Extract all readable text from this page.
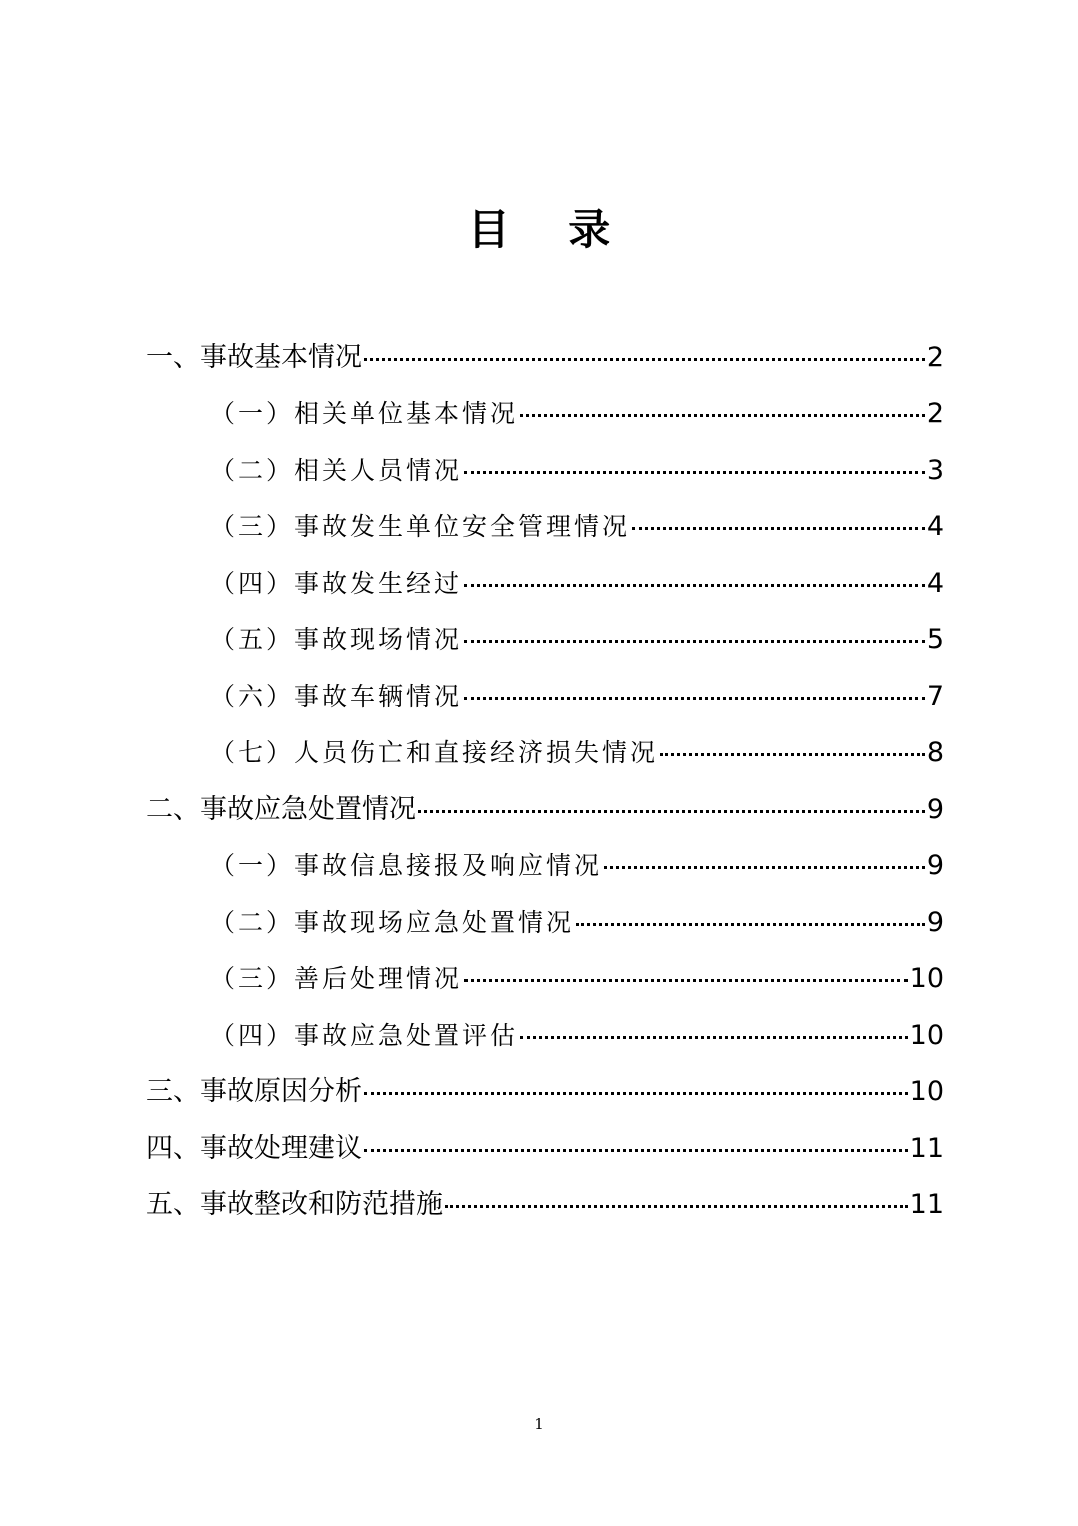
目    录
一、事故基本情况	2
（一）相关单位基本情况	2
（二）相关人员情况	3
（三）事故发生单位安全管理情况	4
（四）事故发生经过	4
（五）事故现场情况	5
（六）事故车辆情况	7
（七）人员伤亡和直接经济损失情况	8
二、事故应急处置情况	9
（一）事故信息接报及响应情况	9
（二）事故现场应急处置情况	9
（三）善后处理情况	10
（四）事故应急处置评估	10
三、事故原因分析	10
四、事故处理建议	11
五、事故整改和防范措施	11
1
